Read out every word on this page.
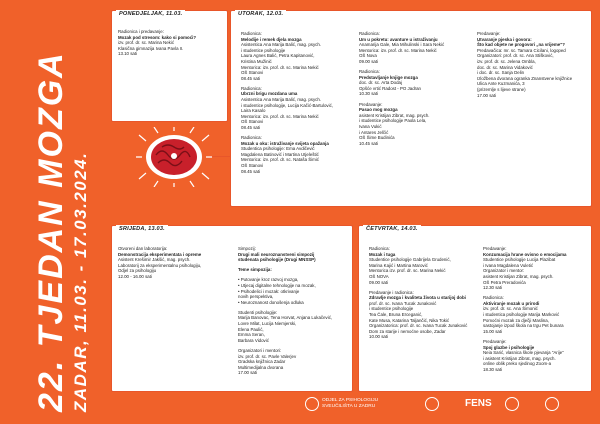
22. TJEDAN MOZGA ZADAR, 11.03. - 17.03.2024.
PONEDJELJAK, 11.03.

Radionica i predavanje:
Mozak pod stresom: kako si pomoći?
izv. prof. dr. sc. Marina Nekić
Klasična gimnazija Ivana Pavla II.
13.10 sati

UTORAK, 12.03.

Radionica:
Melodije i remek djela mozga
Asistentica Ana Marija Balić, mag. psych.
i studentice psihologije
Laura Agnes Balić, Petra Kapitanović,
Kristina Mužinić
Mentorica: izv. prof. dr. sc. Marina Nekić
OŠ Stanovi
08.45 sati

Radionica:
Ubrzni brigu mozdana uma
Asistentica Ana Marija Balić, mag. psych.
i studentice psihologije, Lucija Kačić-Bartulović,
Laira Kasalo
Mentorica: izv. prof. dr. sc. Marina Nekić
OŠ Stanovi
08.45 sati

Radionica:
Mozak u oku: istraživanje svijeta opažanja
Studentica psihologije: Ema Avdičević
Magdalena Batinović i Martina Utjeleštić
Mentorica: izv. prof. dr. sc. Nataša Šimić
OŠ Stanovi
08.45 sati

Radionica:
Um u pokretu: avanture u istraživanju
Anamarija Gale, Mia Mihulinski i Sara Nekić
Mentorica: izv. prof. dr. sc. Marina Nekić
OŠ Nova
09.00 sati

Radionica:
Predstavljanje knjige mozga
doc. dr. sc. Arta Dodaj
Opšće vrtić Radost - PO Jadran
10.30 sati

Predavanje:
Pasao mog mozga
asistent Kristijan Zibrat, mag. psych.
i studentice psihologije Paola Lela,
Ivana Vukić
i Antares Jelčić
OŠ Šime Budinića
10.45 sati

Predavanje:
Utvaranje pjeska i govora:
Što kad objete ne progovori „na vrijeme"?
Predavačica: mr. sc. Tamara Cicilani, logoped
Organizatori: prof. dr. sc. Ana Stišković,
izv. prof. dr. sc. Jelena Ombla,
doc. dr. sc. Marina Vidaković
i doc. dr. sc. Sanja Delin
Izložbena dvorana ogranka Znanstvene knjižnice
Ulica Ante Kuzmanića, 3
(prizemlje s lijeve strane)
17.00 sati

SRIJEDA, 13.03.

Otvoreni dan laboratorija:
Demonstracija eksperimentata i opreme
Asistent Krešimir Jakšić, mag. psych.
Laboratorij za eksperimentalnu psihologiju,
Odjel za psihologiju
12.00 - 16.00 sati

Simpozij:
Drugi mali neuroznanstveni simpozij
studenata psihologije (Drugi MNSSP)

Teme simpozija:

• Putovanje kroz razvoj mozga,
• Utjecaj digitalne tehnologije na mozak,
• Psihodelici i mozak: otkrivanje
novih perspektiva,
• Neuroznanost donošenja odluka

Studenti psihologije:
Marija Banovac, Tena Horvat, Anjana Lukačević,
Lovre Milat, Lucija Niemjerski,
Elena Paulić,
Emma Seran,
Barbara Vidović

Organizatori i mentori:
izv. prof. dr. sc. Pavle Valerjev
Gradska knjižnica Zadar
Multimedijalna dvorana
17.00 sati

ČETVRTAK, 14.03.

Radionica:
Mozak i tuga
Studentice psihologije Gabrijela Grudenić,
Marina Kajić i Martina Marović
Mentorica izv. prof. dr. sc. Marina Nekić
OŠ NOVA
09.00 sati

Predavanje i radionica:
Zdravlje mozga i kvaliteta života u starijoj dobi
prof. dr. sc. Ivana Tucak Junaković
i studentice psihologije
Tea Čale, Bruna Erceganić,
Kate Musa, Katarina Taljančić, Nika Tokić
Organizatorica: prof. dr. sc. Ivana Tucak Junaković
Dom za starije i nemoćne osobe, Zadar
10.00 sati

Predavanje:
Konzumacija hrane ovisno o emocijama
Studentice psihologije Lucija Plazibat
i Ivana Magdalena Vuletić
Organizator i mentor:
asistent Kristijan Zibrat, mag. psych.
OŠ Petra Preradovića
12.30 sati

Radionica:
Aktiviranje mozak u prirodi
izv. prof. dr. sc. Ana Šimonić
i studentica psihologije Marija Marković
Pomoćni mozak za dječji Maslina,
sastojanje izpod škola na trgu Pet bunara
15.00 sati

Predavanje:
Spoj glazbe i psihologije
Neia Sarić, vlasnica škole pjevanja "Arije"
i asistent Kristijan Zibrat, mag. psych.
online oblik preko sjedinog Zoom-a
18.30 sati

ODJEL ZA PSIHOLOGIJU
SVEUČILIŠTA U ZADRU	FENS
